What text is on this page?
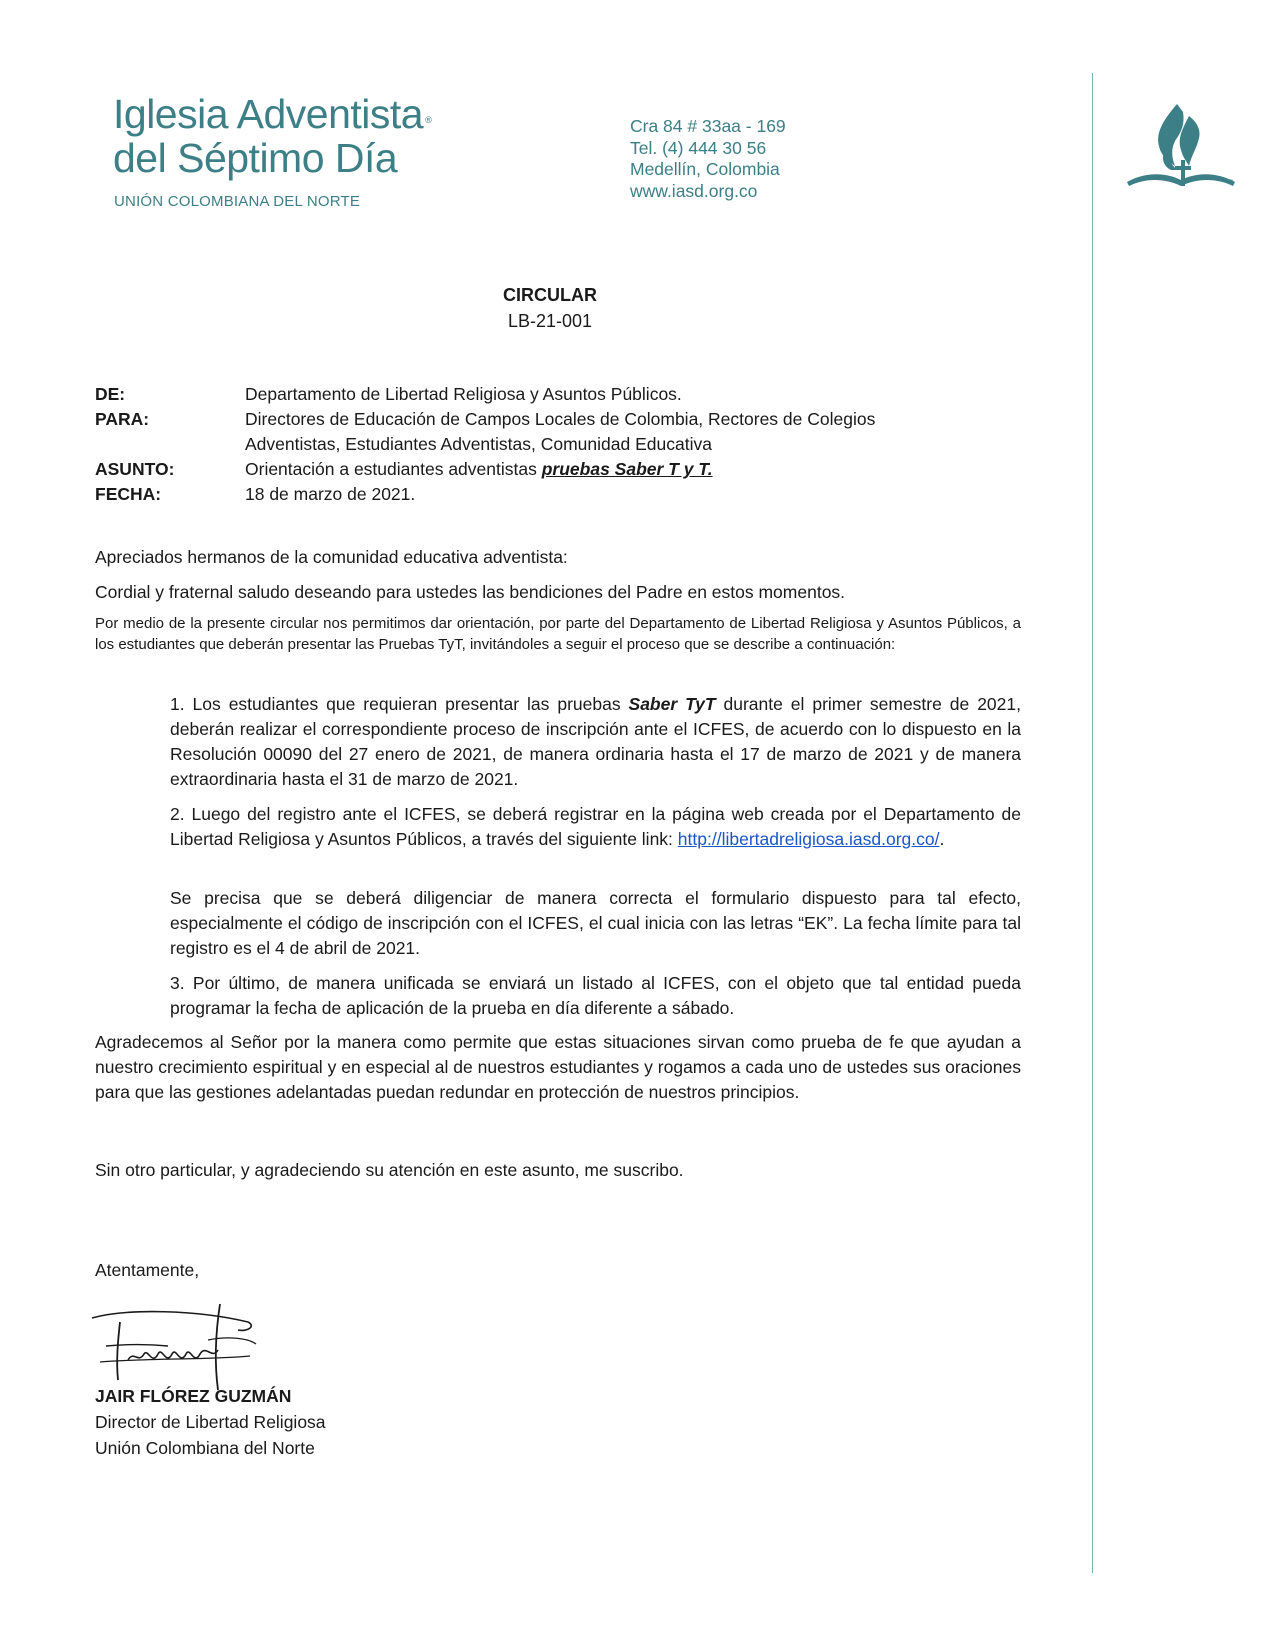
Iglesia Adventista ®
del Séptimo Día
UNIÓN COLOMBIANA DEL NORTE
Cra 84 # 33aa - 169
Tel. (4) 444 30 56
Medellín, Colombia
www.iasd.org.co	®
CIRCULAR
LB-21-001
DE:	Departamento de Libertad Religiosa y Asuntos Públicos.
PARA:	Directores de Educación de Campos Locales de Colombia, Rectores de Colegios
Adventistas, Estudiantes Adventistas, Comunidad Educativa
ASUNTO:	Orientación a estudiantes adventistas pruebas Saber T y T.
FECHA:	18 de marzo de 2021.
Apreciados hermanos de la comunidad educativa adventista:
Cordial y fraternal saludo deseando para ustedes las bendiciones del Padre en estos momentos.
Por medio de la presente circular nos permitimos dar orientación, por parte del Departamento de Libertad Religiosa y Asuntos Públicos, a los estudiantes que deberán presentar las Pruebas TyT, invitándoles a seguir el proceso que se describe a continuación:
1. Los estudiantes que requieran presentar las pruebas Saber TyT durante el primer semestre de 2021, deberán realizar el correspondiente proceso de inscripción ante el ICFES, de acuerdo con lo dispuesto en la Resolución 00090 del 27 enero de 2021, de manera ordinaria hasta el 17 de marzo de 2021 y de manera extraordinaria hasta el 31 de marzo de 2021.
2. Luego del registro ante el ICFES, se deberá registrar en la página web creada por el Departamento de Libertad Religiosa y Asuntos Públicos, a través del siguiente link: http://libertadreligiosa.iasd.org.co/.
Se precisa que se deberá diligenciar de manera correcta el formulario dispuesto para tal efecto, especialmente el código de inscripción con el ICFES, el cual inicia con las letras “EK”. La fecha límite para tal registro es el 4 de abril de 2021.
3. Por último, de manera unificada se enviará un listado al ICFES, con el objeto que tal entidad pueda programar la fecha de aplicación de la prueba en día diferente a sábado.
Agradecemos al Señor por la manera como permite que estas situaciones sirvan como prueba de fe que ayudan a nuestro crecimiento espiritual y en especial al de nuestros estudiantes y rogamos a cada uno de ustedes sus oraciones para que las gestiones adelantadas puedan redundar en protección de nuestros principios.
Sin otro particular, y agradeciendo su atención en este asunto, me suscribo.
Atentamente,
JAIR FLÓREZ GUZMÁN
Director de Libertad Religiosa
Unión Colombiana del Norte
